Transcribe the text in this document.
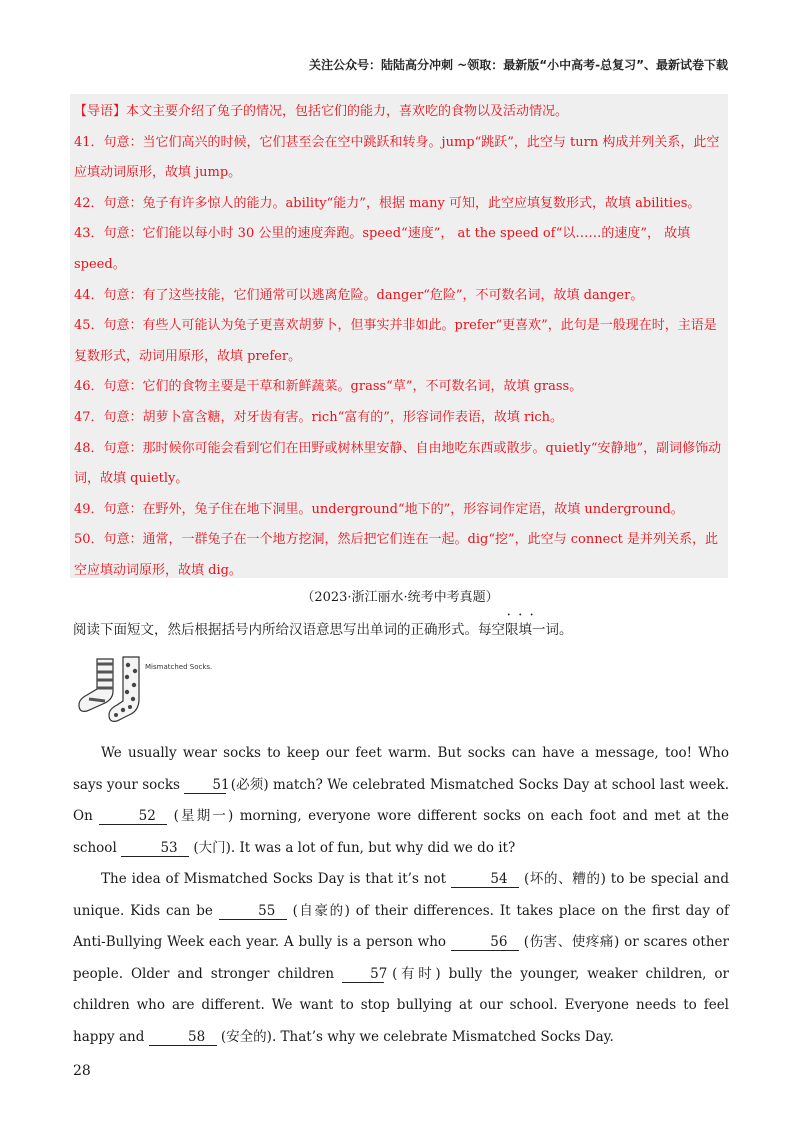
关注公众号：陆陆高分冲刺 ~领取：最新版“小中高考-总复习”、最新试卷下载

【导语】本文主要介绍了兔子的情况，包括它们的能力，喜欢吃的食物以及活动情况。

41．句意：当它们高兴的时候，它们甚至会在空中跳跃和转身。jump“跳跃”，此空与 turn 构成并列关系，此空应填动词原形，故填 jump。

42．句意：兔子有许多惊人的能力。ability“能力”，根据 many 可知，此空应填复数形式，故填 abilities。

43．句意：它们能以每小时 30 公里的速度奔跑。speed“速度”， at the speed of“以……的速度”， 故填 speed。

44．句意：有了这些技能，它们通常可以逃离危险。danger“危险”，不可数名词，故填 danger。

45．句意：有些人可能认为兔子更喜欢胡萝卜，但事实并非如此。prefer“更喜欢”，此句是一般现在时，主语是复数形式，动词用原形，故填 prefer。

46．句意：它们的食物主要是干草和新鲜蔬菜。grass“草”，不可数名词，故填 grass。

47．句意：胡萝卜富含糖，对牙齿有害。rich“富有的”，形容词作表语，故填 rich。

48．句意：那时候你可能会看到它们在田野或树林里安静、自由地吃东西或散步。quietly“安静地”，副词修饰动词，故填 quietly。

49．句意：在野外，兔子住在地下洞里。underground“地下的”，形容词作定语，故填 underground。

50．句意：通常，一群兔子在一个地方挖洞，然后把它们连在一起。dig“挖”，此空与 connect 是并列关系，此空应填动词原形，故填 dig。

（2023·浙江丽水·统考中考真题）
阅读下面短文，然后根据括号内所给汉语意思写出单词的正确形式。每空• • • 限填一词。
Mismatched Socks.

We usually wear socks to keep our feet warm. But socks can have a message, too! Who says your socks 51 (必须) match? We celebrated Mismatched Socks Day at school last week. On	52 (星期一) morning, everyone wore different socks on each foot and met at the school	53 (大门). It was a lot of fun, but why did we do it?

The idea of Mismatched Socks Day is that it’s not	54 (坏的、糟的) to be special and unique. Kids can be	55 (自豪的) of their differences. It takes place on the first day of Anti-Bullying Week each year. A bully is a person who	56 (伤害、使疼痛) or scares other people. Older and stronger children 57 (有时) bully the younger, weaker children, or children who are different. We want to stop bullying at our school. Everyone needs to feel happy and	58 (安全的). That’s why we celebrate Mismatched Socks Day.

28
